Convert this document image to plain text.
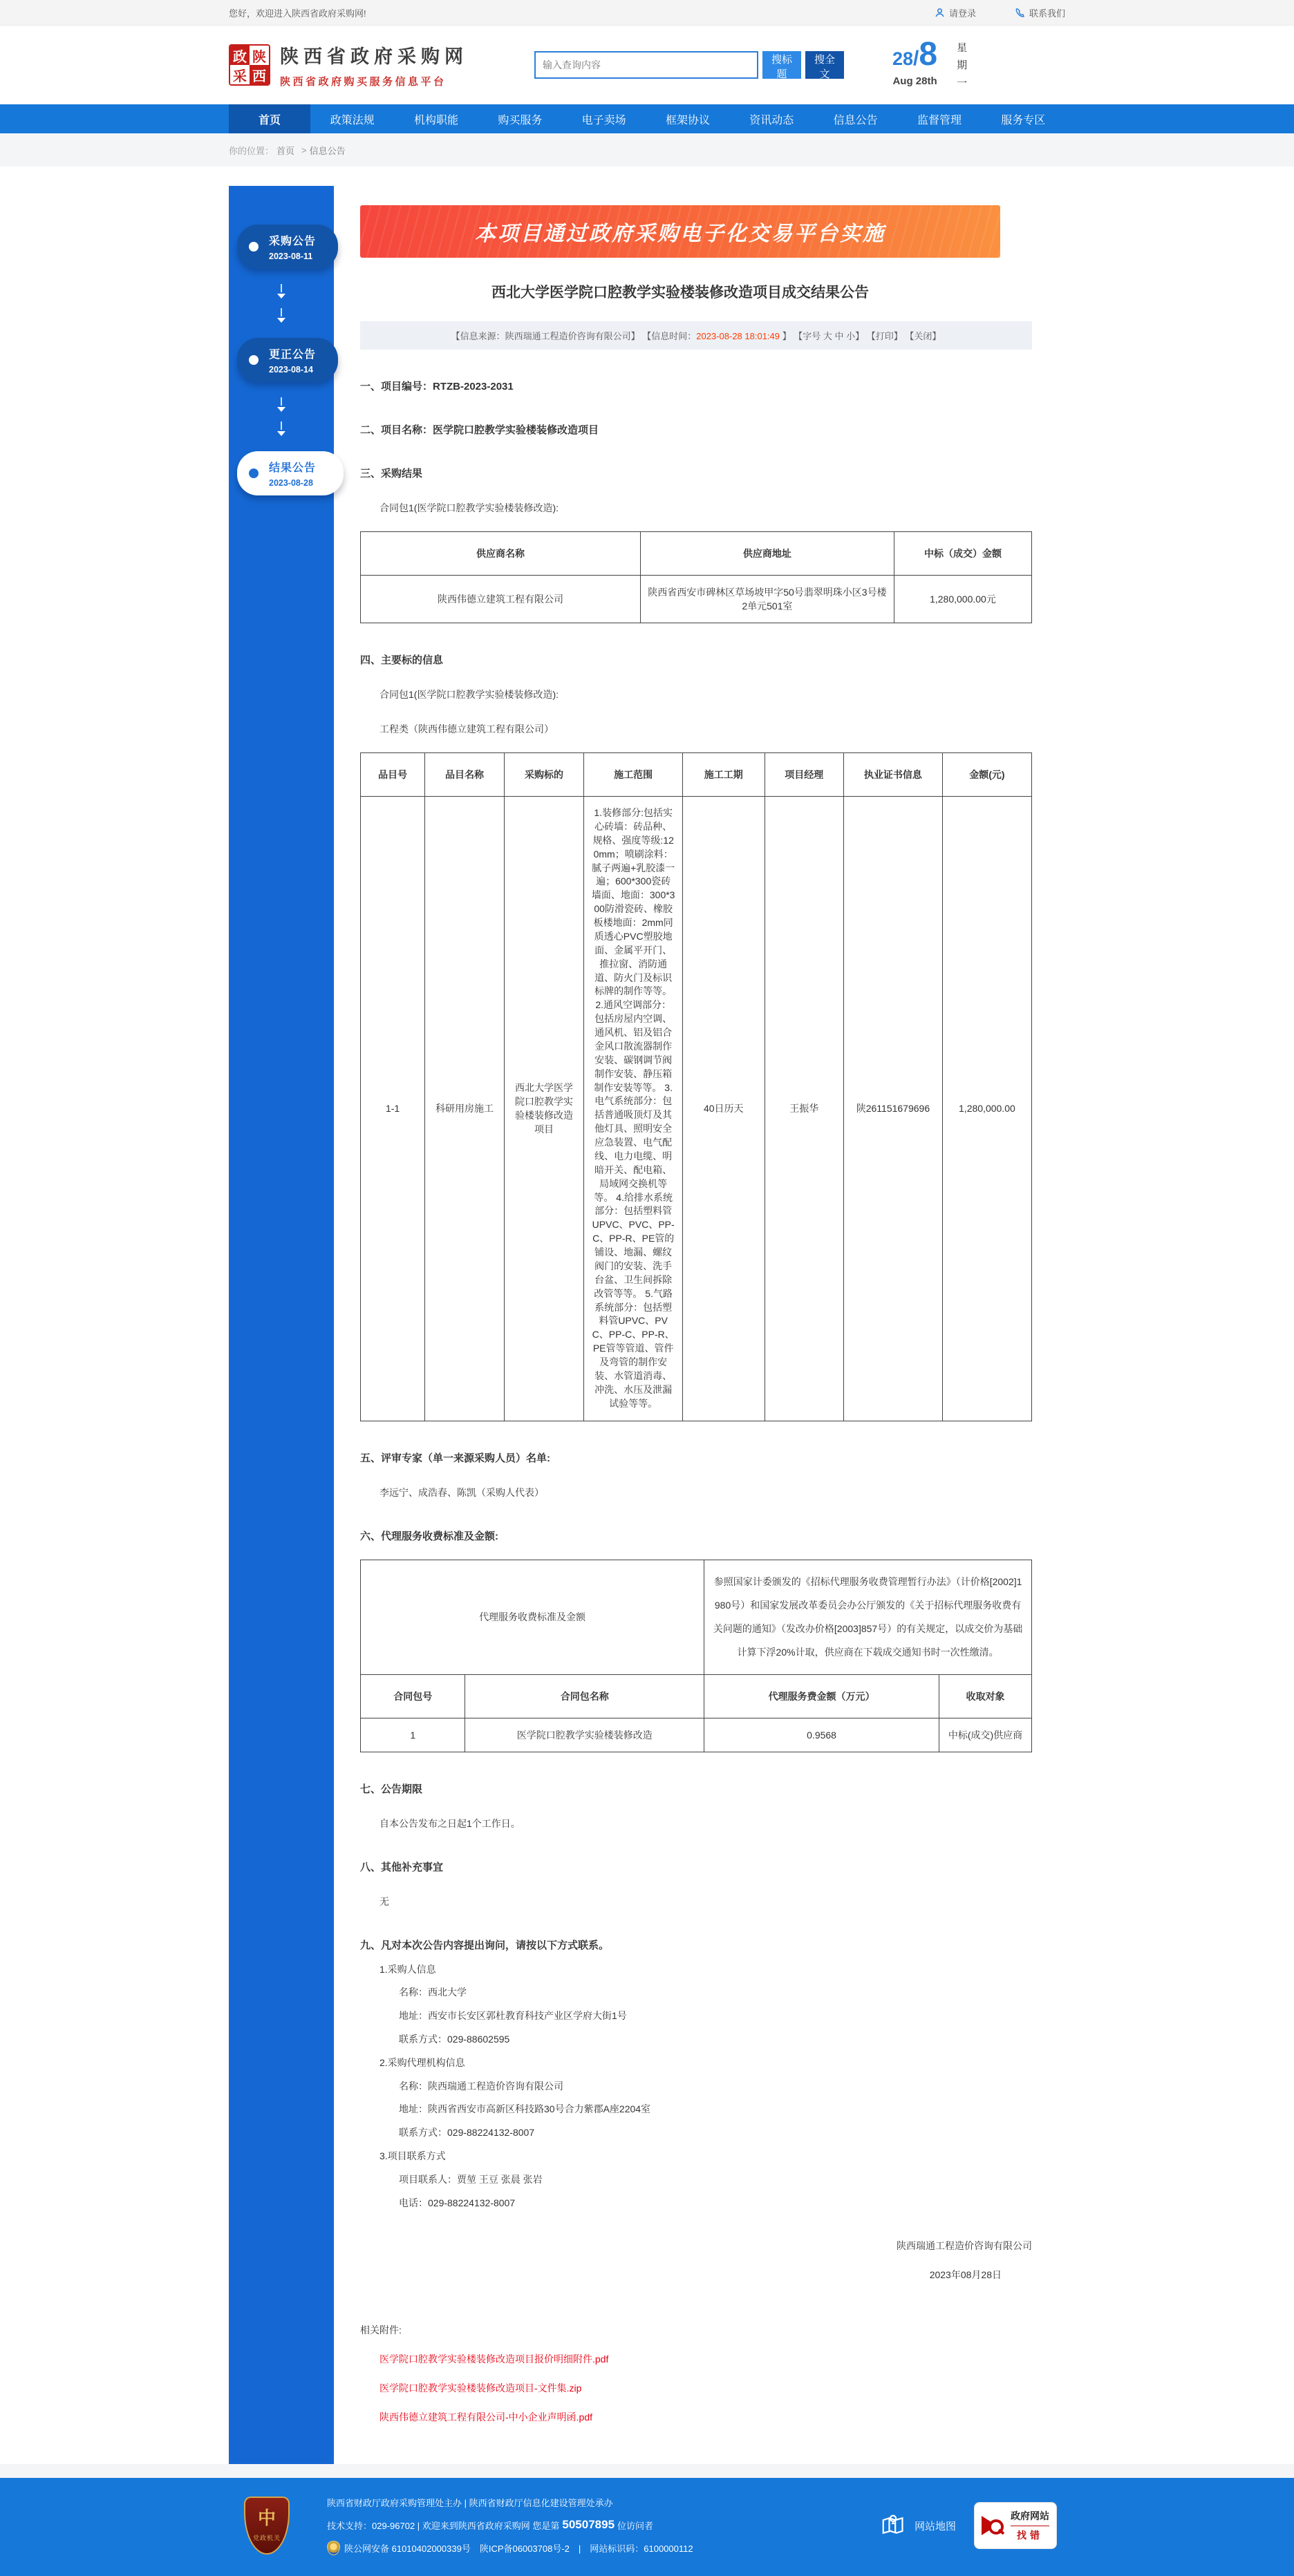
您好，欢迎进入陕西省政府采购网!	请登录	联系我们
政 陕
采 西
陕西省政府采购网
陕西省政府购买服务信息平台
输入查询内容
搜标题
搜全文
28/8
Aug 28th
星期一
首页	政策法规	机构职能	购买服务	电子卖场	框架协议	资讯动态	信息公告	监督管理	服务专区
你的位置： 首页 > 信息公告
采购公告
2023-08-11
更正公告
2023-08-14
结果公告
2023-08-28
本项目通过政府采购电子化交易平台实施
西北大学医学院口腔教学实验楼装修改造项目成交结果公告
【信息来源：陕西瑞通工程造价咨询有限公司】 【信息时间：2023-08-28 18:01:49 】 【字号 大 中 小】 【打印】 【关闭】
一、项目编号：RTZB-2023-2031
二、项目名称：医学院口腔教学实验楼装修改造项目
三、采购结果
合同包1(医学院口腔教学实验楼装修改造):
供应商名称	供应商地址	中标（成交）金额
陕西伟德立建筑工程有限公司	陕西省西安市碑林区草场坡甲字50号翡翠明珠小区3号楼2单元501室	1,280,000.00元
四、主要标的信息
合同包1(医学院口腔教学实验楼装修改造):
工程类（陕西伟德立建筑工程有限公司）
品目号	品目名称	采购标的	施工范围	施工工期	项目经理	执业证书信息	金额(元)
1-1	科研用房施工	西北大学医学院口腔教学实验楼装修改造项目	1.装修部分:包括实心砖墙：砖品种、规格、强度等级:120mm；喷刷涂料：腻子两遍+乳胶漆一遍；600*300瓷砖墙面、地面：300*300防滑瓷砖、橡胶板楼地面：2mm同质透心PVC塑胶地面、金属平开门、推拉窗、消防通道、防火门及标识标牌的制作等等。2.通风空调部分：包括房屋内空调、通风机、铝及铝合金风口散流器制作安装、碳钢调节阀制作安装、静压箱制作安装等等。 3.电气系统部分：包括普通吸顶灯及其他灯具、照明安全应急装置、电气配线、电力电缆、明暗开关、配电箱、局域网交换机等等。 4.给排水系统部分：包括塑料管UPVC、PVC、PP-C、PP-R、PE管的铺设、地漏、螺纹阀门的安装、洗手台盆、卫生间拆除改管等等。 5.气路系统部分：包括塑料管UPVC、PVC、PP-C、PP-R、PE管等管道、管件及弯管的制作安装、水管道消毒、冲洗、水压及泄漏试验等等。	40日历天	王振华	陕261151679696	1,280,000.00
五、评审专家（单一来源采购人员）名单:
李远宁、成浩春、陈凯（采购人代表）
六、代理服务收费标准及金额:
代理服务收费标准及金额		参照国家计委颁发的《招标代理服务收费管理暂行办法》（计价格[2002]1980号）和国家发展改革委员会办公厅颁发的《关于招标代理服务收费有关问题的通知》（发改办价格[2003]857号）的有关规定，以成交价为基础计算下浮20%计取，供应商在下载成交通知书时一次性缴清。	
合同包号	合同包名称	代理服务费金额（万元）	收取对象
1	医学院口腔教学实验楼装修改造	0.9568	中标(成交)供应商
七、公告期限
自本公告发布之日起1个工作日。
八、其他补充事宜
无
九、凡对本次公告内容提出询问，请按以下方式联系。

1.采购人信息

名称：西北大学

地址：西安市长安区郭杜教育科技产业区学府大街1号

联系方式：029-88602595

2.采购代理机构信息

名称：陕西瑞通工程造价咨询有限公司

地址：陕西省西安市高新区科技路30号合力紫郡A座2204室

联系方式：029-88224132-8007

3.项目联系方式

项目联系人：贾堃 王豆 张晨 张岩

电话：029-88224132-8007

陕西瑞通工程造价咨询有限公司
2023年08月28日
相关附件:
医学院口腔教学实验楼装修改造项目报价明细附件.pdf
医学院口腔教学实验楼装修改造项目-文件集.zip
陕西伟德立建筑工程有限公司-中小企业声明函.pdf
中
党政机关
陕西省财政厅政府采购管理处主办 | 陕西省财政厅信息化建设管理处承办
技术支持：029-96702 | 欢迎来到陕西省政府采购网 您是第 50507895 位访问者
陕公网安备 61010402000339号　陕ICP备06003708号-2　|　网站标识码：6100000112
网站地图
政府网站
找错
